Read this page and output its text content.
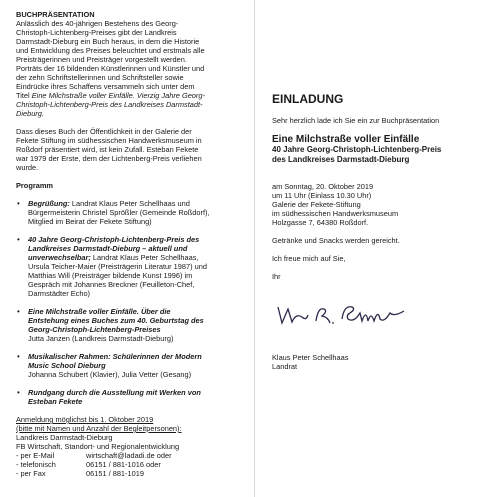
BUCHPRÄSENTATION

Anlässlich des 40-jährigen Bestehens des Georg-

Christoph-Lichtenberg-Preises gibt der Landkreis

Darmstadt-Dieburg ein Buch heraus, in dem die Historie

und Entwicklung des Preises beleuchtet und erstmals alle

Preisträgerinnen und Preisträger vorgestellt werden.

Porträts der 16 bildenden Künstlerinnen und Künstler und

der zehn Schriftstellerinnen und Schriftsteller sowie

Eindrücke ihres Schaffens versammeln sich unter dem

Titel Eine Milchstraße voller Einfälle. Vierzig Jahre Georg-

Christoph-Lichtenberg-Preis des Landkreises Darmstadt-

Dieburg.

Dass dieses Buch der Öffentlichkeit in der Galerie der

Fekete Stiftung im südhessischen Handwerksmuseum in

Roßdorf präsentiert wird, ist kein Zufall. Esteban Fekete

war 1979 der Erste, dem der Lichtenberg-Preis verliehen

wurde.

Programm

• Begrüßung: Landrat Klaus Peter Schellhaas und
Bürgermeisterin Christel Sprößler (Gemeinde Roßdorf),
Mitglied im Beirat der Fekete Stiftung)
• 40 Jahre Georg-Christoph-Lichtenberg-Preis des
Landkreises Darmstadt-Dieburg – aktuell und
unverwechselbar; Landrat Klaus Peter Schellhaas,
Ursula Teicher-Maier (Preisträgerin Literatur 1987) und
Matthias Will (Preisträger bildende Kunst 1996) im
Gespräch mit Johannes Breckner (Feuilleton-Chef,
Darmstädter Echo)
• Eine Milchstraße voller Einfälle. Über die
Entstehung eines Buches zum 40. Geburtstag des
Georg-Christoph-Lichtenberg-Preises
Jutta Janzen (Landkreis Darmstadt-Dieburg)
• Musikalischer Rahmen: Schülerinnen der Modern
Music School Dieburg
Johanna Schubert (Klavier), Julia Vetter (Gesang)
• Rundgang durch die Ausstellung mit Werken von
Esteban Fekete

Anmeldung möglichst bis 1. Oktober 2019

(bitte mit Namen und Anzahl der Begleitpersonen):

Landkreis Darmstadt-Dieburg

FB Wirtschaft, Standort- und Regionalentwicklung

- per E-Mail	wirtschaft@ladadi.de oder
- telefonisch	06151 / 881-1016 oder
- per Fax	06151 / 881-1019

EINLADUNG

Sehr herzlich lade ich Sie ein zur Buchpräsentation

Eine Milchstraße voller Einfälle

40 Jahre Georg-Christoph-Lichtenberg-Preis

des Landkreises Darmstadt-Dieburg

am Sonntag, 20. Oktober 2019

um 11 Uhr (Einlass 10.30 Uhr)

Galerie der Fekete-Stiftung

im südhessischen Handwerksmuseum

Holzgasse 7, 64380 Roßdorf.

Getränke und Snacks werden gereicht.

Ich freue mich auf Sie,

Ihr

Klaus Peter Schellhaas

Landrat
